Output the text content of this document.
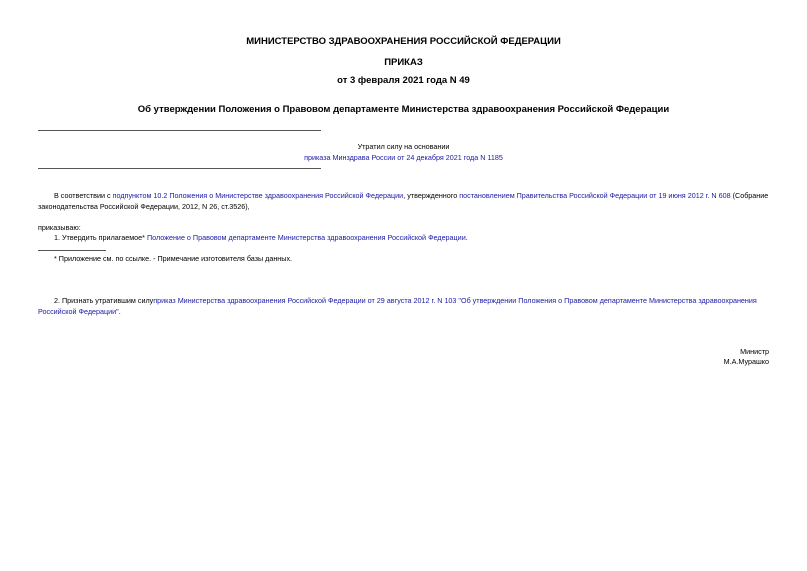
МИНИСТЕРСТВО ЗДРАВООХРАНЕНИЯ РОССИЙСКОЙ ФЕДЕРАЦИИ
ПРИКАЗ
от 3 февраля 2021 года N 49
Об утверждении Положения о Правовом департаменте Министерства здравоохранения Российской Федерации
Утратил силу на основании
приказа Минздрава России от 24 декабря 2021 года N 1185
В соответствии с подпунктом 10.2 Положения о Министерстве здравоохранения Российской Федерации, утвержденного постановлением Правительства Российской Федерации от 19 июня 2012 г. N 608 (Собрание законодательства Российской Федерации, 2012, N 26, ст.3526),
приказываю:
1. Утвердить прилагаемое* Положение о Правовом департаменте Министерства здравоохранения Российской Федерации.
* Приложение см. по ссылке. - Примечание изготовителя базы данных.
2. Признать утратившим силуприказ Министерства здравоохранения Российской Федерации от 29 августа 2012 г. N 103 "Об утверждении Положения о Правовом департаменте Министерства здравоохранения Российской Федерации".
Министр
М.А.Мурашко
